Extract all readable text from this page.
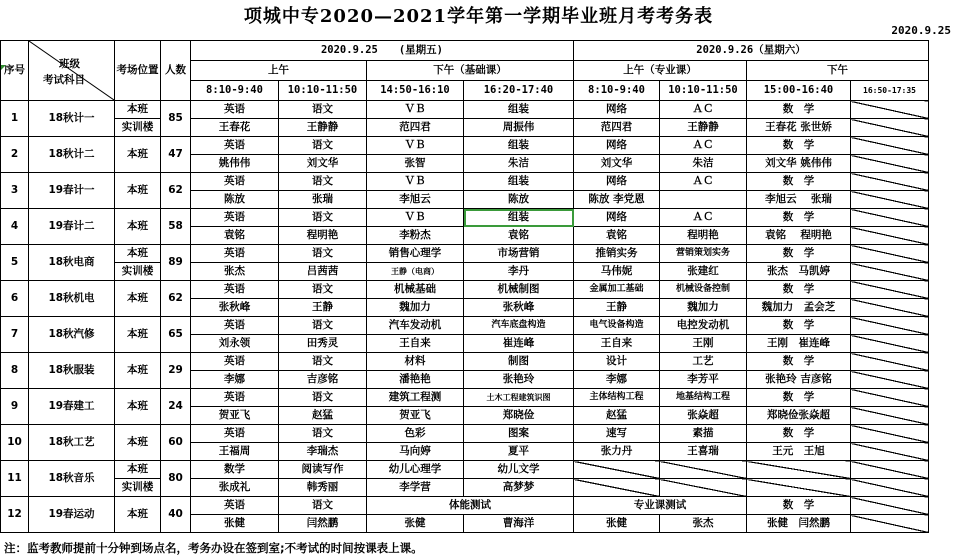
项城中专2020—2021学年第一学期毕业班月考考务表
2020.9.25
序号	班级
考试科目	考场位置	人数	2020.9.25　　(星期五)				2020.9.26（星期六）			
				上午		下午（基础课）		上午（专业课）		下午	
				8:10-9:40	10:10-11:50	14:50-16:10	16:20-17:40	8:10-9:40	10:10-11:50	15:00-16:40	16:50-17:35
1	18秋计一	本班	85	英语	语文	ＶＢ	组装	网络	ＡＣ	数　学	
		实训楼		王春花	王静静	范四君	周振伟	范四君	王静静	王春花 张世娇	
2	18秋计二	本班	47	英语	语文	ＶＢ	组装	网络	ＡＣ	数　学	
				姚伟伟	刘文华	张智	朱洁	刘文华	朱洁	刘文华 姚伟伟	
3	19春计一	本班	62	英语	语文	ＶＢ	组装	网络	ＡＣ	数　学	
				陈放	张瑞	李旭云	陈放	陈放 李党恩		李旭云　 张瑞	
4	19春计二	本班	58	英语	语文	ＶＢ	组装	网络	ＡＣ	数　学	
				袁铭	程明艳	李粉杰	袁铭	袁铭	程明艳	袁铭　 程明艳	
5	18秋电商	本班	89	英语	语文	销售心理学	市场营销	推销实务	营销策划实务	数　学	
		实训楼		张杰	吕茜茜	王静（电商）	李丹	马伟妮	张建红	张杰　马凯婷	
6	18秋机电	本班	62	英语	语文	机械基础	机械制图	金属加工基础	机械设备控制	数　学	
				张秋峰	王静	魏加力	张秋峰	王静	魏加力	魏加力　孟会芝	
7	18秋汽修	本班	65	英语	语文	汽车发动机	汽车底盘构造	电气设备构造	电控发动机	数　学	
				刘永领	田秀灵	王自来	崔连峰	王自来	王刚	王刚　崔连峰	
8	18秋服装	本班	29	英语	语文	材料	制图	设计	工艺	数　学	
				李娜	吉彦铭	潘艳艳	张艳玲	李娜	李芳平	张艳玲 吉彦铭	
9	19春建工	本班	24	英语	语文	建筑工程测	土木工程建筑识图	主体结构工程	地基结构工程	数　学	
				贺亚飞	赵猛	贺亚飞	郑晓俭	赵猛	张焱超	郑晓俭张焱超	
10	18秋工艺	本班	60	英语	语文	色彩	图案	速写	素描	数　学	
				王福周	李瑞杰	马向婷	夏平	张力丹	王喜瑞	王元　王旭	
11	18秋音乐	本班	80	数学	阅读写作	幼儿心理学	幼儿文学				
		实训楼		张成礼	韩秀丽	李学营	高梦梦				
12	19春运动	本班	40	英语	语文	体能测试		专业课测试		数　学	
				张健	闫然鹏	张健	曹海洋	张健	张杰	张健　闫然鹏	
注：监考教师提前十分钟到场点名，考务办设在签到室;不考试的时间按课表上课。
